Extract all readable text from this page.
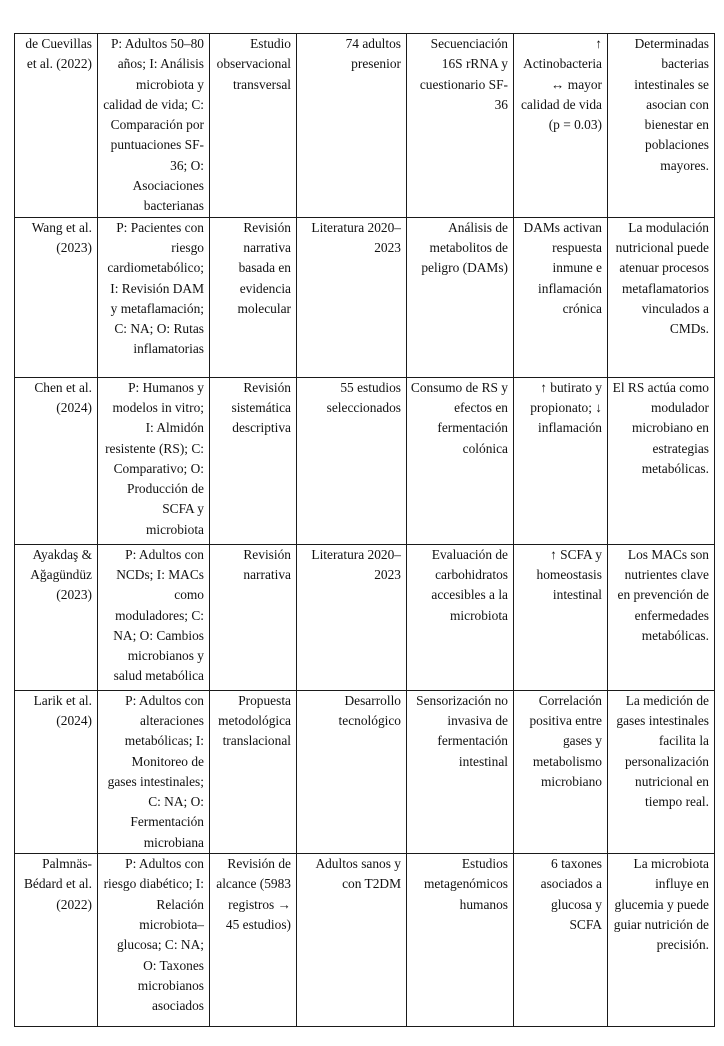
de Cuevillas et al. (2022)	P: Adultos 50–80 años; I: Análisis microbiota y calidad de vida; C: Comparación por puntuaciones SF-36; O: Asociaciones bacterianas	Estudio observacional transversal	74 adultos presenior	Secuenciación 16S rRNA y cuestionario SF-36	↑ Actinobacteria ↔ mayor calidad de vida (p = 0.03)	Determinadas bacterias intestinales se asocian con bienestar en poblaciones mayores.
Wang et al. (2023)	P: Pacientes con riesgo cardiometabólico; I: Revisión DAM y metaflamación; C: NA; O: Rutas inflamatorias	Revisión narrativa basada en evidencia molecular	Literatura 2020–2023	Análisis de metabolitos de peligro (DAMs)	DAMs activan respuesta inmune e inflamación crónica	La modulación nutricional puede atenuar procesos metaflamatorios vinculados a CMDs.
Chen et al. (2024)	P: Humanos y modelos in vitro; I: Almidón resistente (RS); C: Comparativo; O: Producción de SCFA y microbiota	Revisión sistemática descriptiva	55 estudios seleccionados	Consumo de RS y efectos en fermentación colónica	↑ butirato y propionato; ↓ inflamación	El RS actúa como modulador microbiano en estrategias metabólicas.
Ayakdaş & Ağagündüz (2023)	P: Adultos con NCDs; I: MACs como moduladores; C: NA; O: Cambios microbianos y salud metabólica	Revisión narrativa	Literatura 2020–2023	Evaluación de carbohidratos accesibles a la microbiota	↑ SCFA y homeostasis intestinal	Los MACs son nutrientes clave en prevención de enfermedades metabólicas.
Larik et al. (2024)	P: Adultos con alteraciones metabólicas; I: Monitoreo de gases intestinales; C: NA; O: Fermentación microbiana	Propuesta metodológica translacional	Desarrollo tecnológico	Sensorización no invasiva de fermentación intestinal	Correlación positiva entre gases y metabolismo microbiano	La medición de gases intestinales facilita la personalización nutricional en tiempo real.
Palmnäs-Bédard et al. (2022)	P: Adultos con riesgo diabético; I: Relación microbiota–glucosa; C: NA; O: Taxones microbianos asociados	Revisión de alcance (5983 registros → 45 estudios)	Adultos sanos y con T2DM	Estudios metagenómicos humanos	6 taxones asociados a glucosa y SCFA	La microbiota influye en glucemia y puede guiar nutrición de precisión.
